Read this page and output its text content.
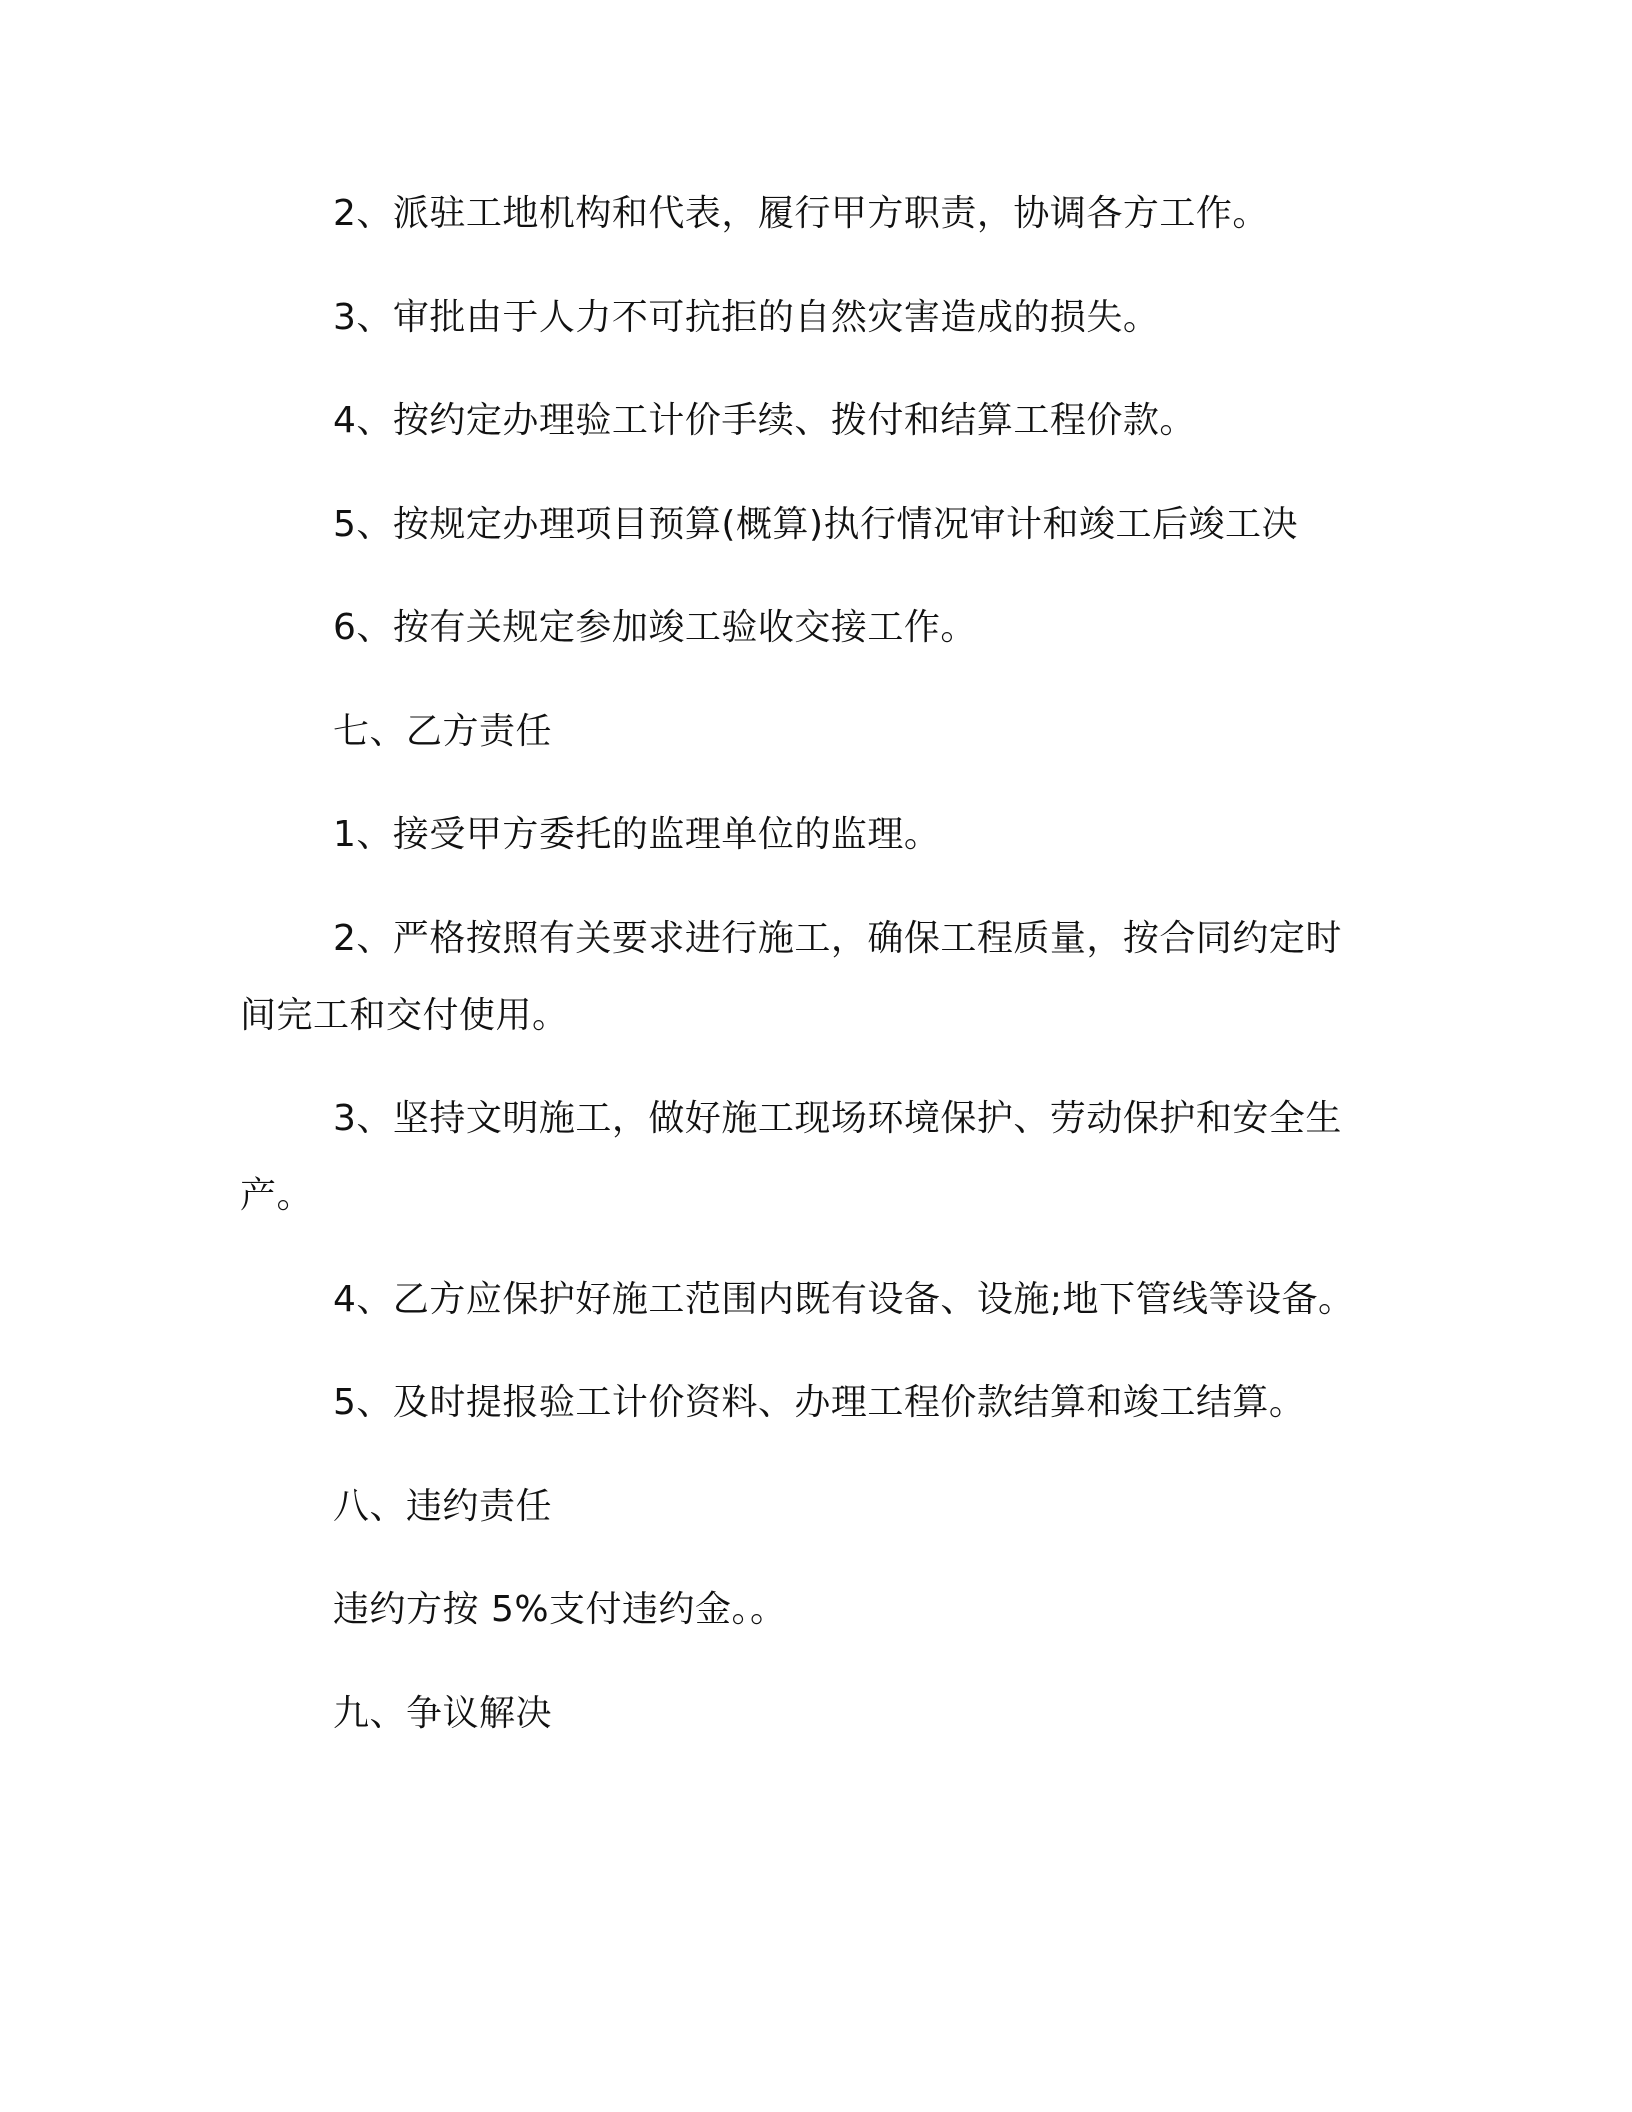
2、派驻工地机构和代表，履行甲方职责，协调各方工作。
3、审批由于人力不可抗拒的自然灾害造成的损失。
4、按约定办理验工计价手续、拨付和结算工程价款。
5、按规定办理项目预算(概算)执行情况审计和竣工后竣工决
6、按有关规定参加竣工验收交接工作。
七、乙方责任
1、接受甲方委托的监理单位的监理。
2、严格按照有关要求进行施工，确保工程质量，按合同约定时
间完工和交付使用。
3、坚持文明施工，做好施工现场环境保护、劳动保护和安全生
产。
4、乙方应保护好施工范围内既有设备、设施;地下管线等设备。
5、及时提报验工计价资料、办理工程价款结算和竣工结算。
八、违约责任
违约方按 5%支付违约金。。
九、争议解决
